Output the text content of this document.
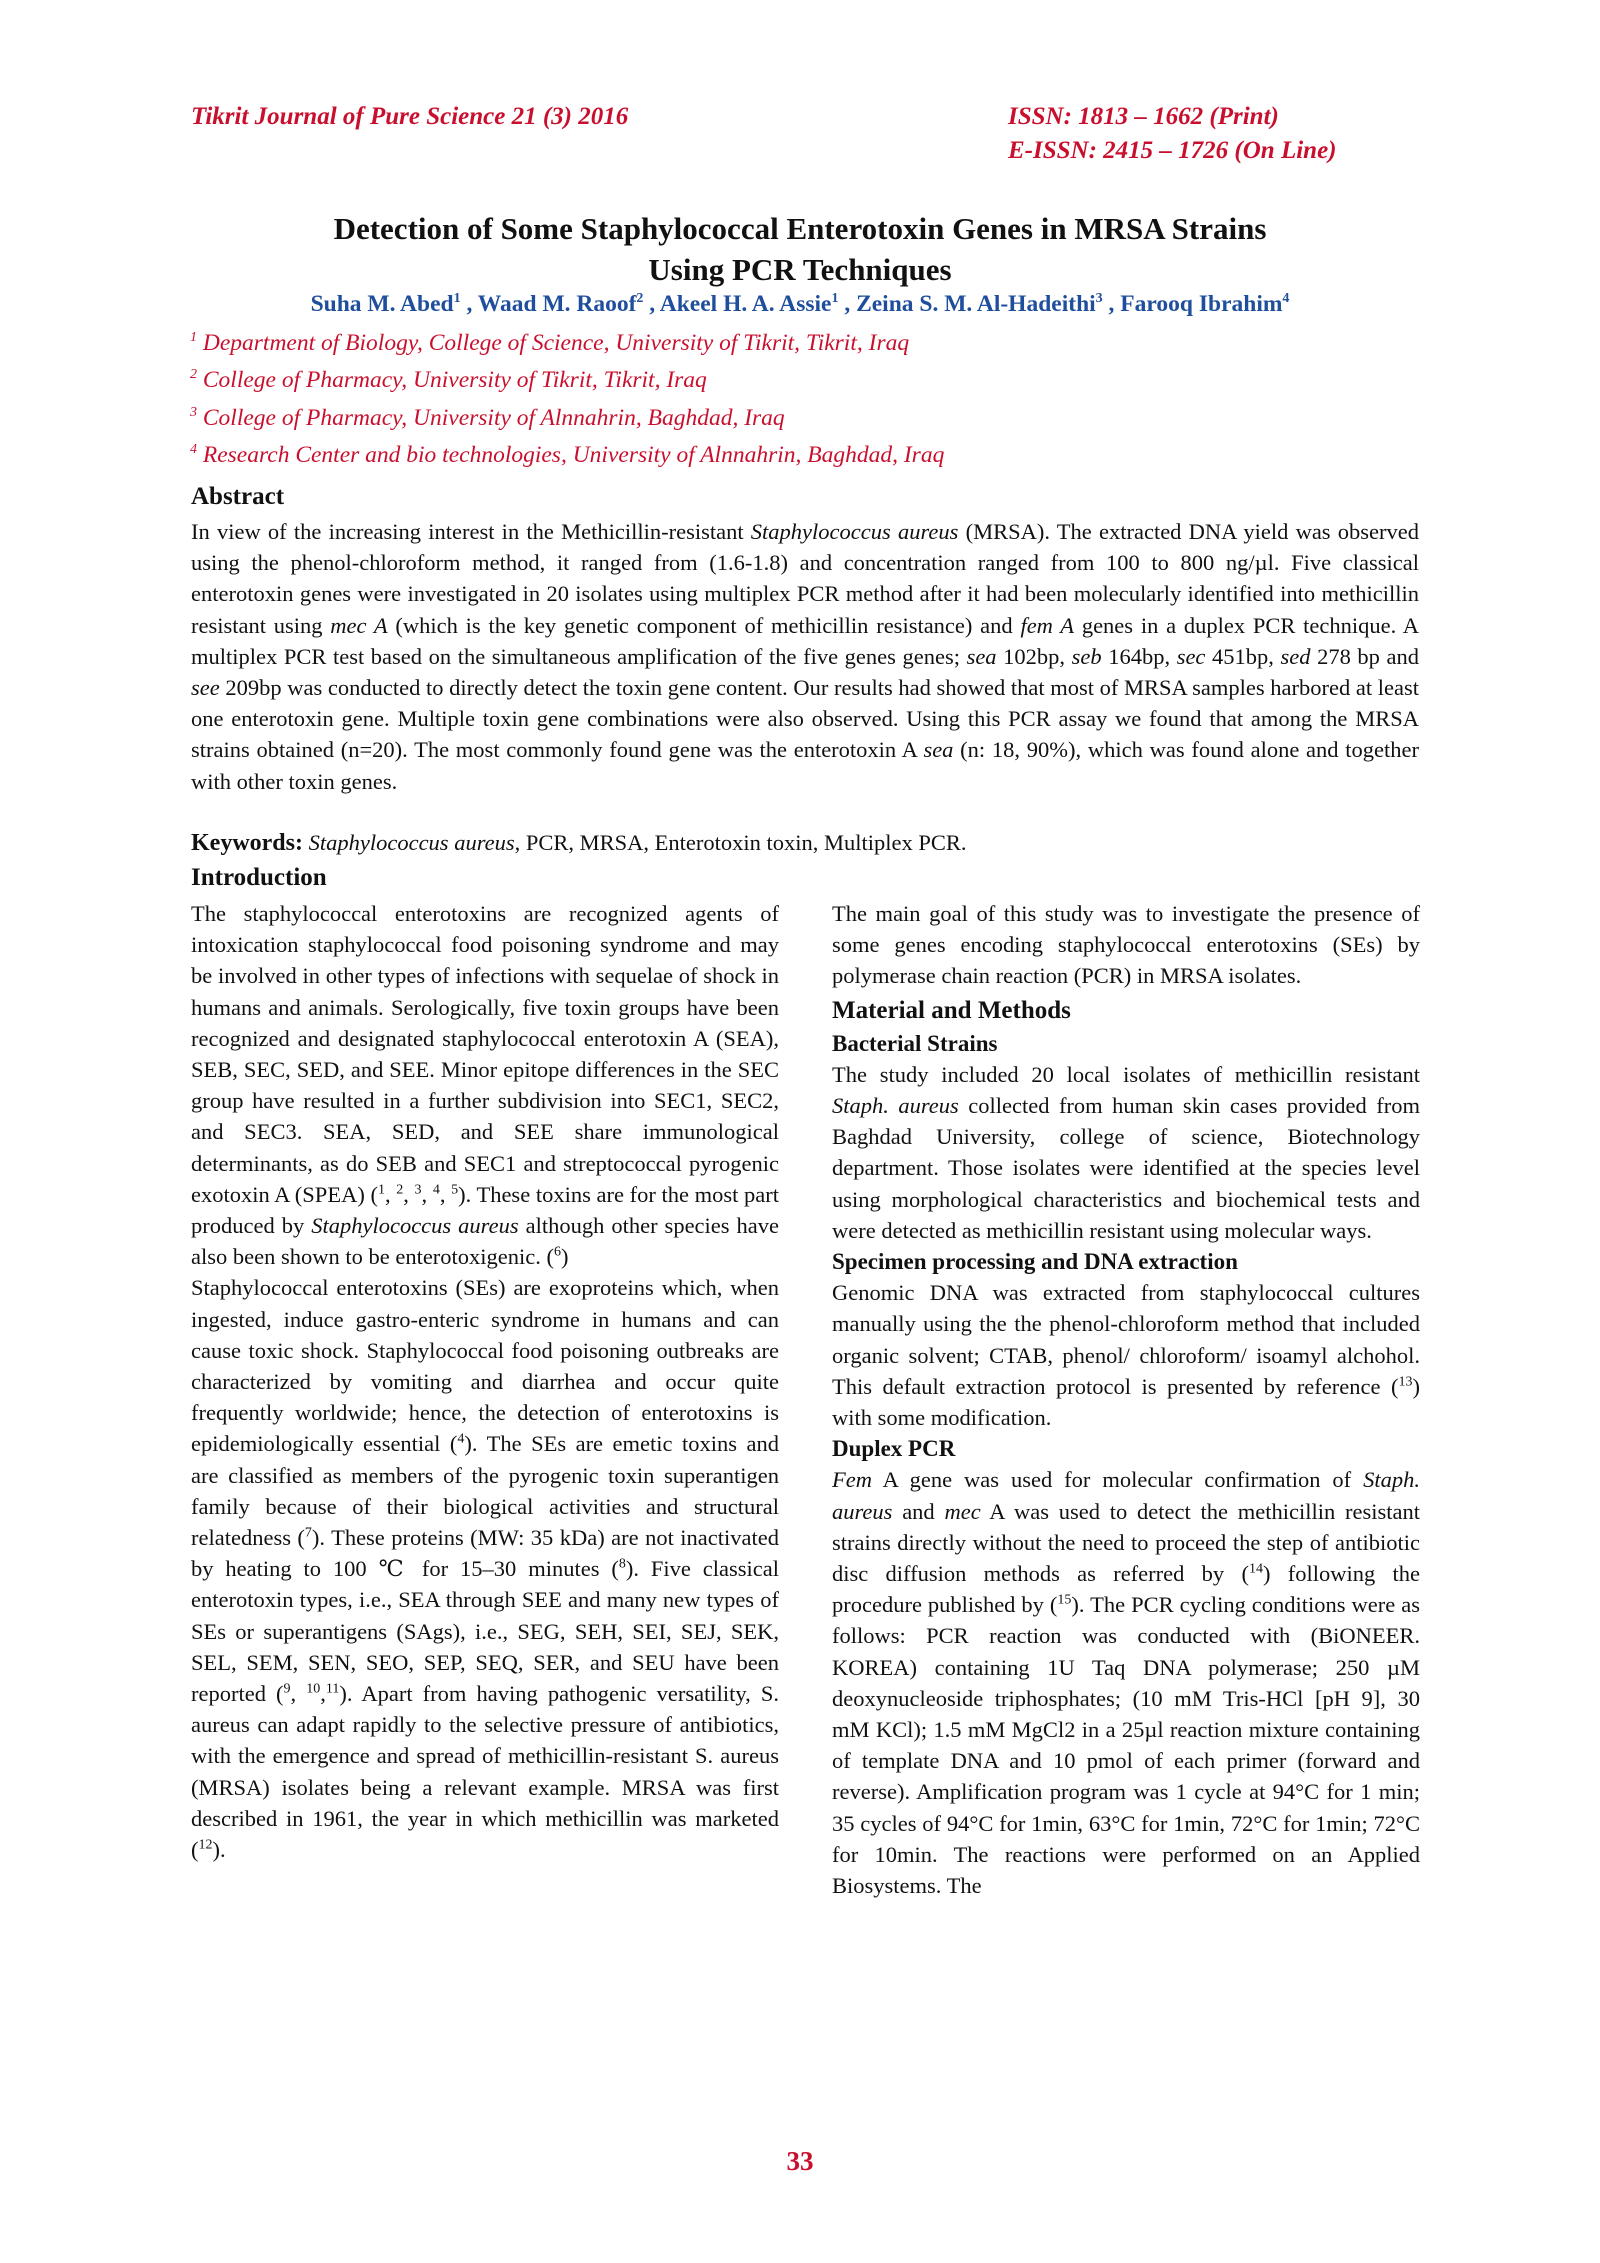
Tikrit Journal of Pure Science 21 (3) 2016	ISSN: 1813 – 1662 (Print)
E-ISSN: 2415 – 1726 (On Line)
Detection of Some Staphylococcal Enterotoxin Genes in MRSA Strains
Using PCR Techniques
Suha M. Abed$^1$ , Waad M. Raoof$^2$ , Akeel H. A. Assie$^1$ , Zeina S. M. Al-Hadeithi$^3$ , Farooq Ibrahim$^4$
$^1$ Department of Biology, College of Science, University of Tikrit, Tikrit, Iraq
$^2$ College of Pharmacy, University of Tikrit, Tikrit, Iraq
$^3$ College of Pharmacy, University of Alnnahrin, Baghdad, Iraq
$^4$ Research Center and bio technologies, University of Alnnahrin, Baghdad, Iraq
Abstract
In view of the increasing interest in the Methicillin-resistant Staphylococcus aureus (MRSA). The extracted DNA yield was observed using the phenol-chloroform method, it ranged from (1.6-1.8) and concentration ranged from 100 to 800 ng/µl. Five classical enterotoxin genes were investigated in 20 isolates using multiplex PCR method after it had been molecularly identified into methicillin resistant using mec A (which is the key genetic component of methicillin resistance) and fem A genes in a duplex PCR technique. A multiplex PCR test based on the simultaneous amplification of the five genes genes; sea 102bp, seb 164bp, sec 451bp, sed 278 bp and see 209bp was conducted to directly detect the toxin gene content. Our results had showed that most of MRSA samples harbored at least one enterotoxin gene. Multiple toxin gene combinations were also observed. Using this PCR assay we found that among the MRSA strains obtained (n=20). The most commonly found gene was the enterotoxin A sea (n: 18, 90%), which was found alone and together with other toxin genes.
Keywords: Staphylococcus aureus, PCR, MRSA, Enterotoxin toxin, Multiplex PCR.
Introduction

The staphylococcal enterotoxins are recognized agents of intoxication staphylococcal food poisoning syndrome and may be involved in other types of infections with sequelae of shock in humans and animals. Serologically, five toxin groups have been recognized and designated staphylococcal enterotoxin A (SEA), SEB, SEC, SED, and SEE. Minor epitope differences in the SEC group have resulted in a further subdivision into SEC1, SEC2, and SEC3. SEA, SED, and SEE share immunological determinants, as do SEB and SEC1 and streptococcal pyrogenic exotoxin A (SPEA) ($^1$, $^2$, $^3$, $^4$, $^5$). These toxins are for the most part produced by Staphylococcus aureus although other species have also been shown to be enterotoxigenic. ($^6$)

Staphylococcal enterotoxins (SEs) are exoproteins which, when ingested, induce gastro-enteric syndrome in humans and can cause toxic shock. Staphylococcal food poisoning outbreaks are characterized by vomiting and diarrhea and occur quite frequently worldwide; hence, the detection of enterotoxins is epidemiologically essential ($^4$). The SEs are emetic toxins and are classified as members of the pyrogenic toxin superantigen family because of their biological activities and structural relatedness ($^7$). These proteins (MW: 35 kDa) are not inactivated by heating to 100 ℃ for 15–30 minutes ($^8$). Five classical enterotoxin types, i.e., SEA through SEE and many new types of SEs or superantigens (SAgs), i.e., SEG, SEH, SEI, SEJ, SEK, SEL, SEM, SEN, SEO, SEP, SEQ, SER, and SEU have been reported ($^9$, $^{10}$,$^{11}$). Apart from having pathogenic versatility, S. aureus can adapt rapidly to the selective pressure of antibiotics, with the emergence and spread of methicillin-resistant S. aureus (MRSA) isolates being a relevant example. MRSA was first described in 1961, the year in which methicillin was marketed ($^{12}$).

The main goal of this study was to investigate the presence of some genes encoding staphylococcal enterotoxins (SEs) by polymerase chain reaction (PCR) in MRSA isolates.

Material and Methods
Bacterial Strains

The study included 20 local isolates of methicillin resistant Staph. aureus collected from human skin cases provided from Baghdad University, college of science, Biotechnology department. Those isolates were identified at the species level using morphological characteristics and biochemical tests and were detected as methicillin resistant using molecular ways.

Specimen processing and DNA extraction

Genomic DNA was extracted from staphylococcal cultures manually using the the phenol-chloroform method that included organic solvent; CTAB, phenol/ chloroform/ isoamyl alchohol. This default extraction protocol is presented by reference ($^{13}$) with some modification.

Duplex PCR

Fem A gene was used for molecular confirmation of Staph. aureus and mec A was used to detect the methicillin resistant strains directly without the need to proceed the step of antibiotic disc diffusion methods as referred by ($^{14}$) following the procedure published by ($^{15}$). The PCR cycling conditions were as follows: PCR reaction was conducted with (BiONEER. KOREA) containing 1U Taq DNA polymerase; 250 µM deoxynucleoside triphosphates; (10 mM Tris-HCl [pH 9], 30 mM KCl); 1.5 mM MgCl2 in a 25µl reaction mixture containing of template DNA and 10 pmol of each primer (forward and reverse). Amplification program was 1 cycle at 94°C for 1 min; 35 cycles of 94°C for 1min, 63°C for 1min, 72°C for 1min; 72°C for 10min. The reactions were performed on an Applied Biosystems. The

33
